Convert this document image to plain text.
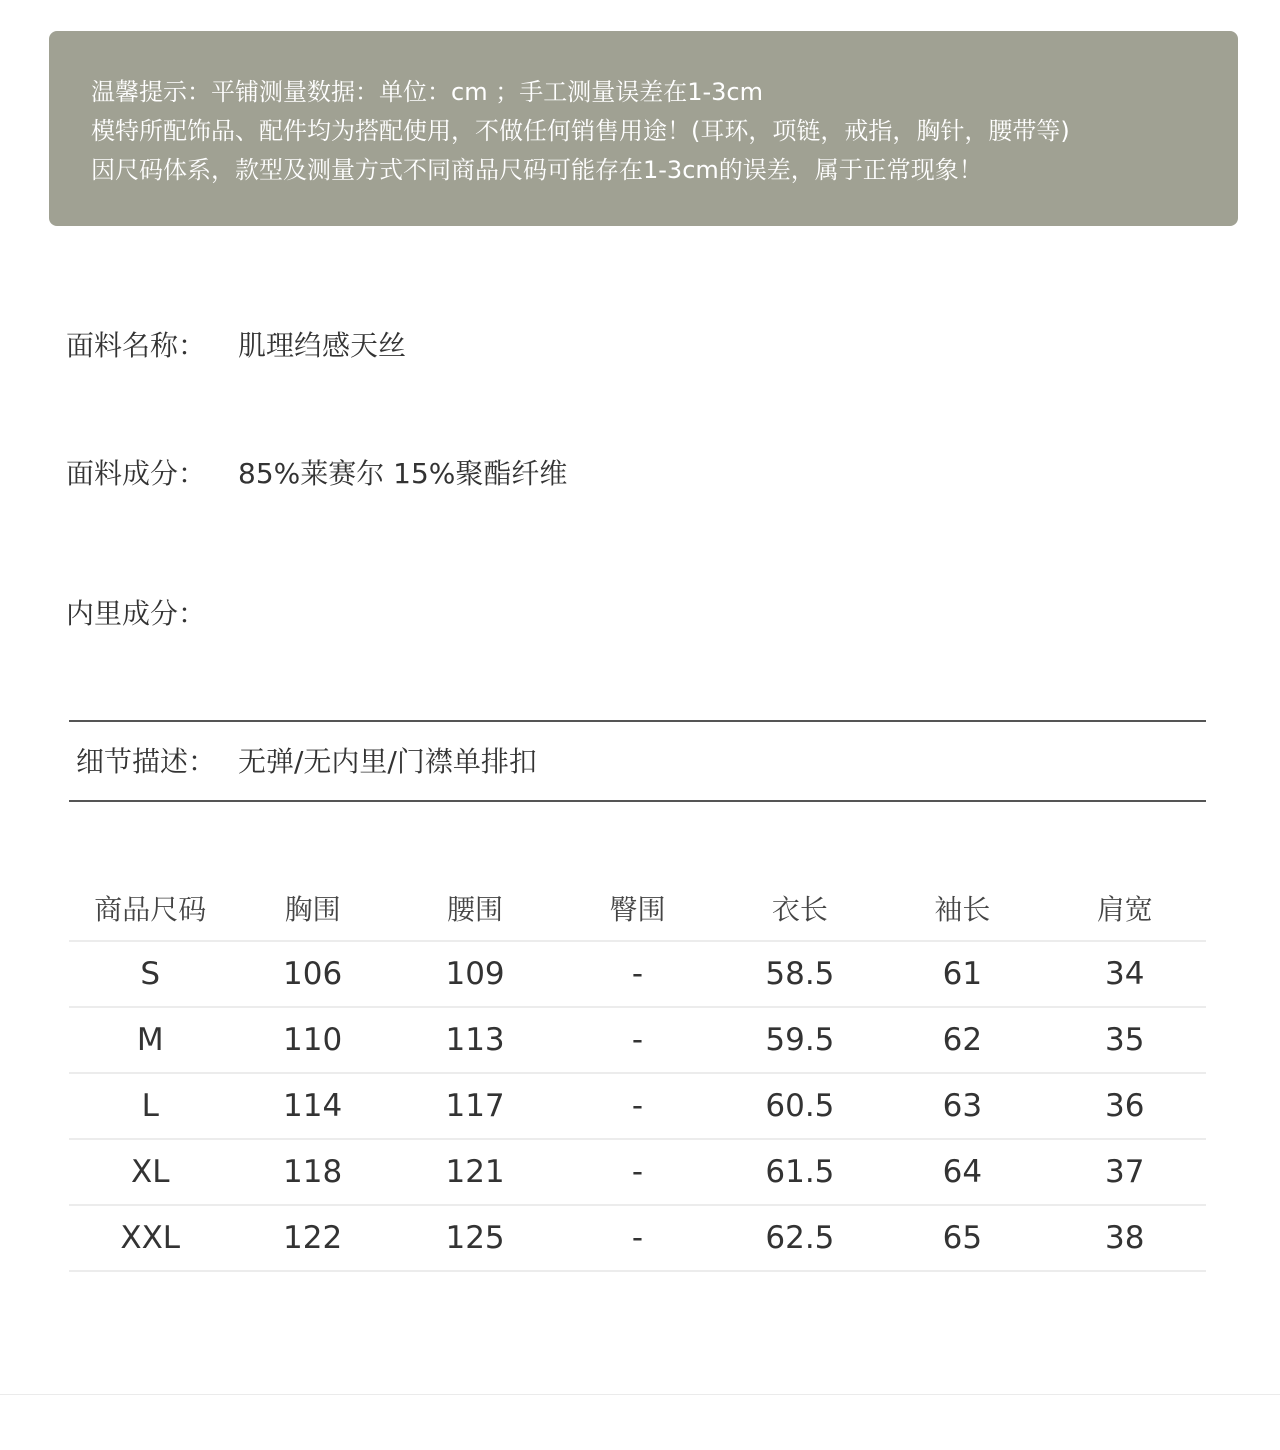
温馨提示：平铺测量数据：单位：cm ；手工测量误差在1-3cm
模特所配饰品、配件均为搭配使用，不做任何销售用途！(耳环，项链，戒指，胸针，腰带等)
因尺码体系，款型及测量方式不同商品尺码可能存在1-3cm的误差，属于正常现象！
面料名称：	肌理绉感天丝
面料成分：	85%莱赛尔 15%聚酯纤维
内里成分：
细节描述： 无弹/无内里/门襟单排扣
商品尺码	胸围	腰围	臀围	衣长	袖长	肩宽
S	106	109	-	58.5	61	34
M	110	113	-	59.5	62	35
L	114	117	-	60.5	63	36
XL	118	121	-	61.5	64	37
XXL	122	125	-	62.5	65	38
